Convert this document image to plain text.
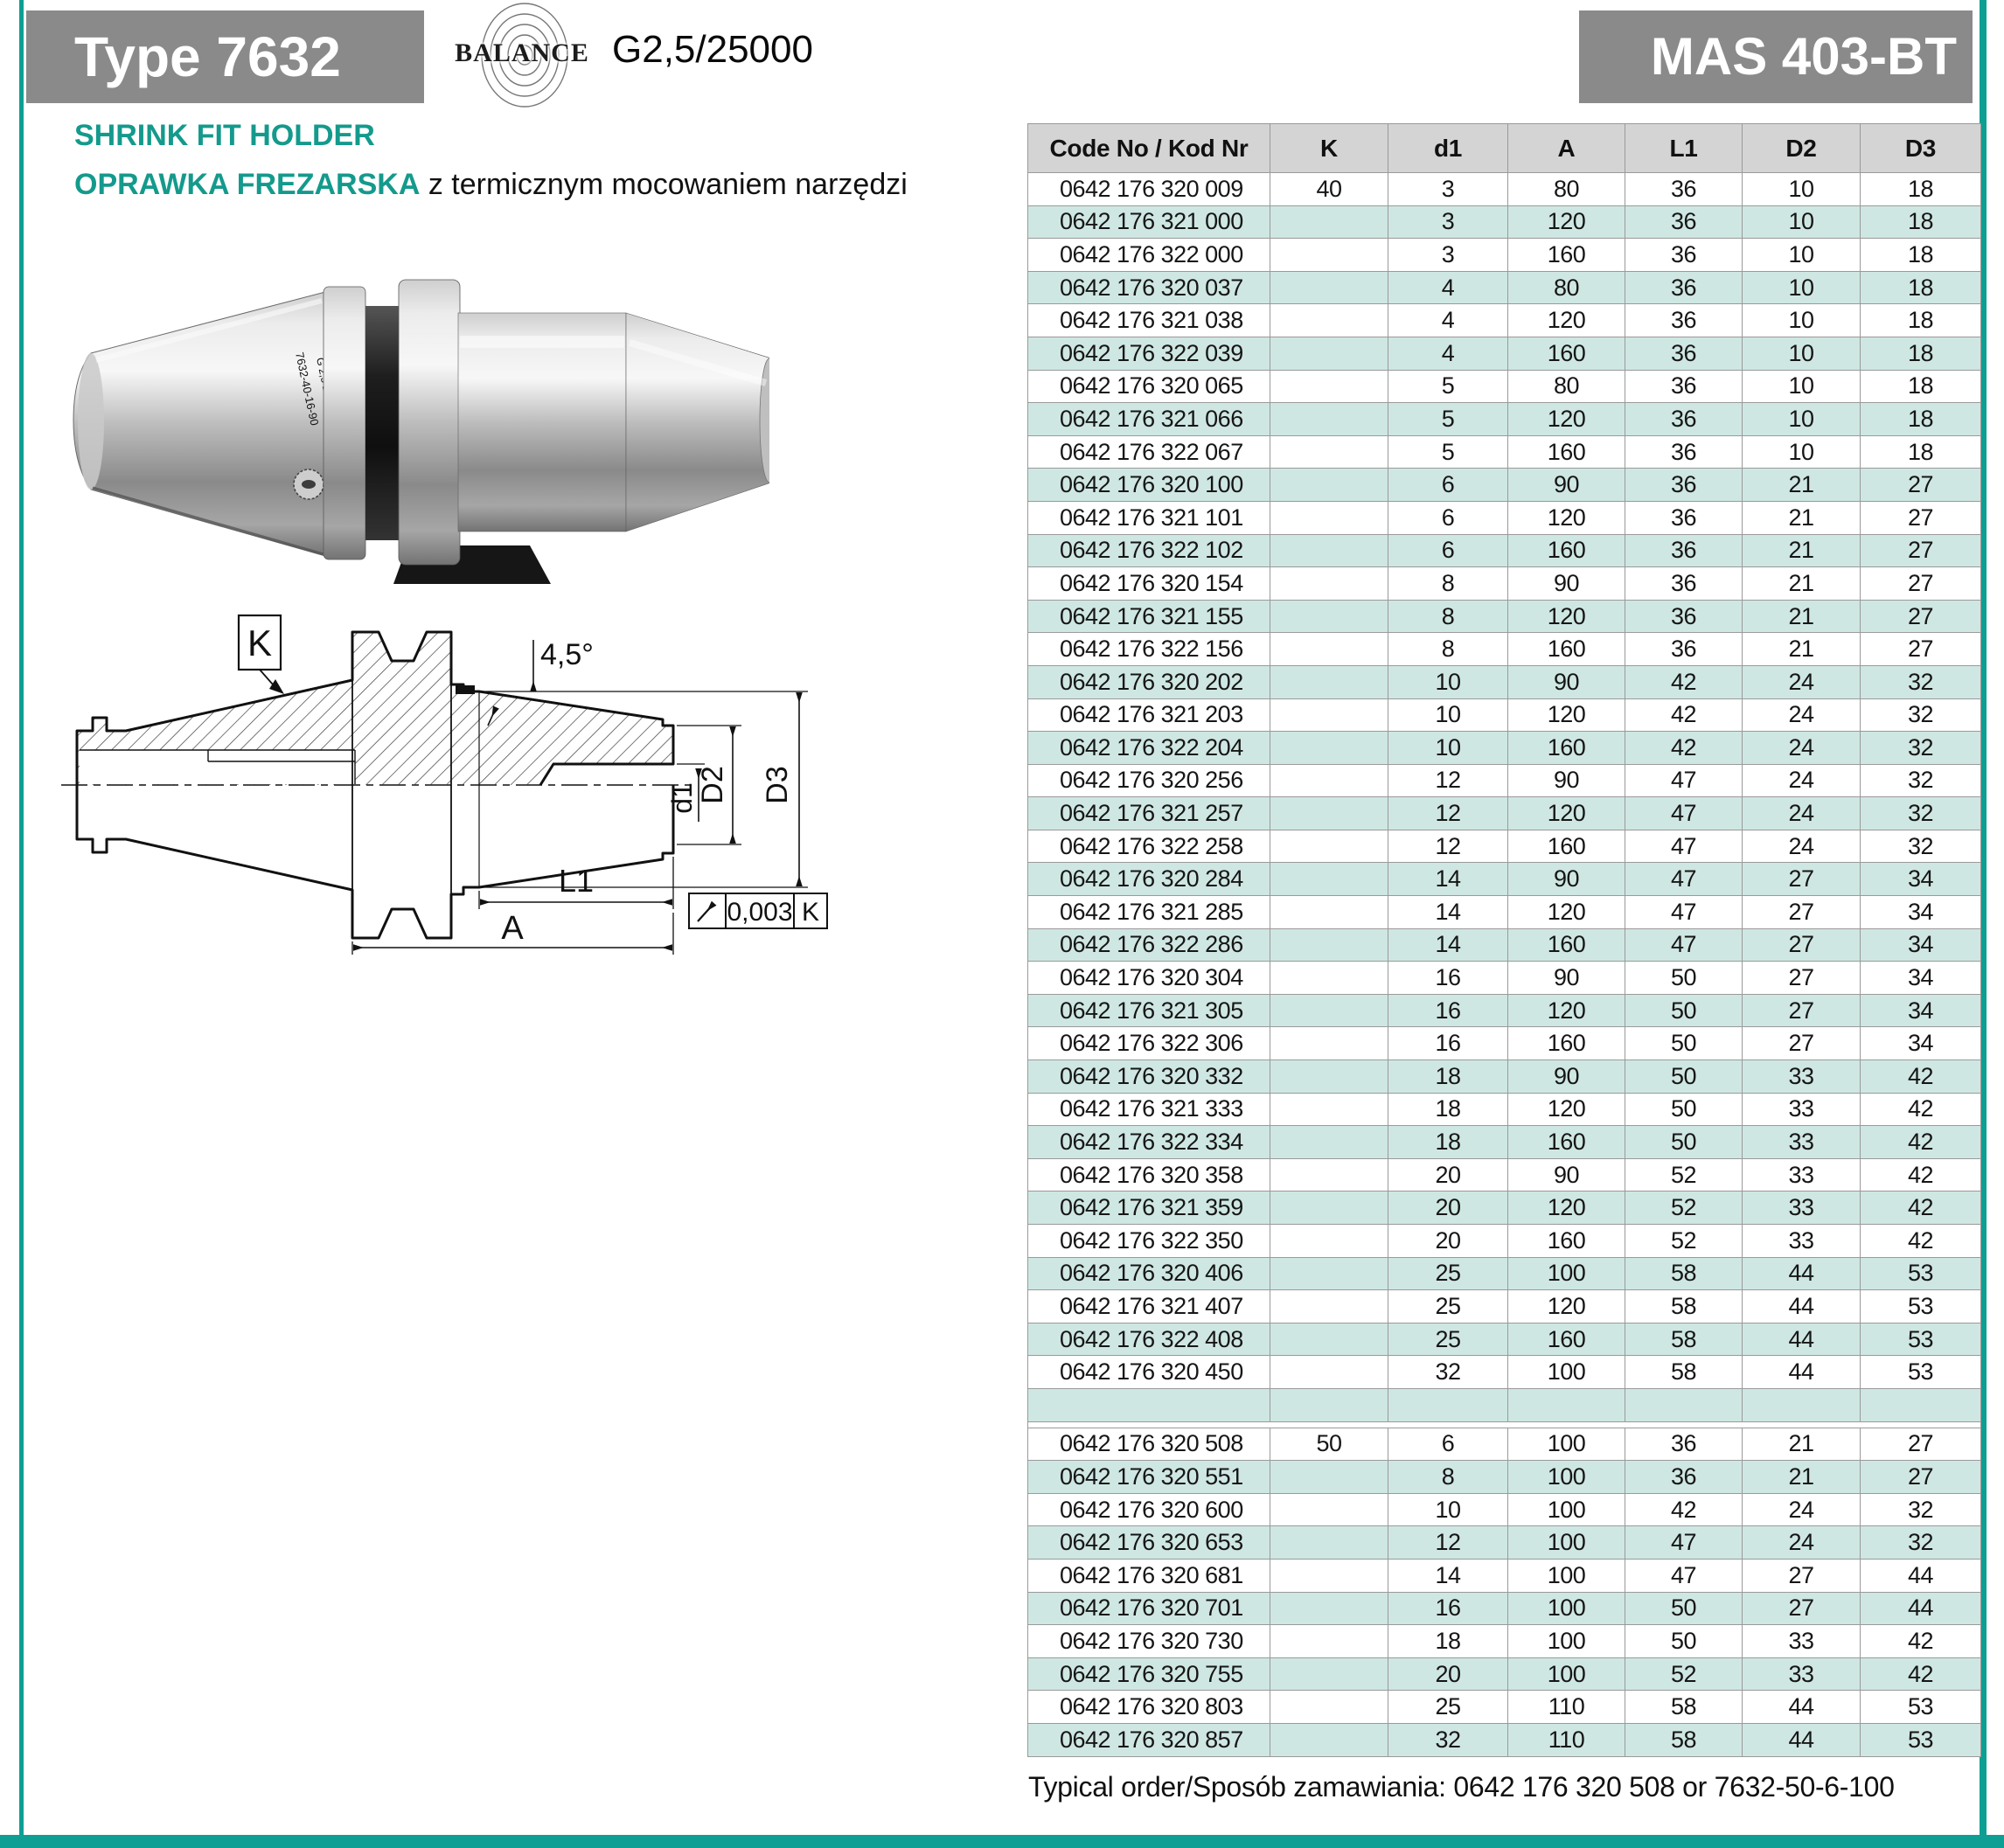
Type 7632	BALANCE G2,5/25000	MAS 403-BT
SHRINK FIT HOLDER
OPRAWKA FREZARSKA z termicznym mocowaniem narzędzi
7632-40-16-90
G
K	4,5°
d1
D2 D3
L1
A	0,003 K
Code No / Kod Nr	K	d1	A	L1	D2	D3
0642 176 320 009	40	3	80	36	10	18
0642 176 321 000		3	120	36	10	18
0642 176 322 000		3	160	36	10	18
0642 176 320 037		4	80	36	10	18
0642 176 321 038		4	120	36	10	18
0642 176 322 039		4	160	36	10	18
0642 176 320 065		5	80	36	10	18
0642 176 321 066		5	120	36	10	18
0642 176 322 067		5	160	36	10	18
0642 176 320 100		6	90	36	21	27
0642 176 321 101		6	120	36	21	27
0642 176 322 102		6	160	36	21	27
0642 176 320 154		8	90	36	21	27
0642 176 321 155		8	120	36	21	27
0642 176 322 156		8	160	36	21	27
0642 176 320 202		10	90	42	24	32
0642 176 321 203		10	120	42	24	32
0642 176 322 204		10	160	42	24	32
0642 176 320 256		12	90	47	24	32
0642 176 321 257		12	120	47	24	32
0642 176 322 258		12	160	47	24	32
0642 176 320 284		14	90	47	27	34
0642 176 321 285		14	120	47	27	34
0642 176 322 286		14	160	47	27	34
0642 176 320 304		16	90	50	27	34
0642 176 321 305		16	120	50	27	34
0642 176 322 306		16	160	50	27	34
0642 176 320 332		18	90	50	33	42
0642 176 321 333		18	120	50	33	42
0642 176 322 334		18	160	50	33	42
0642 176 320 358		20	90	52	33	42
0642 176 321 359		20	120	52	33	42
0642 176 322 350		20	160	52	33	42
0642 176 320 406		25	100	58	44	53
0642 176 321 407		25	120	58	44	53
0642 176 322 408		25	160	58	44	53
0642 176 320 450		32	100	58	44	53

0642 176 320 508	50	6	100	36	21	27
0642 176 320 551		8	100	36	21	27
0642 176 320 600		10	100	42	24	32
0642 176 320 653		12	100	47	24	32
0642 176 320 681		14	100	47	27	44
0642 176 320 701		16	100	50	27	44
0642 176 320 730		18	100	50	33	42
0642 176 320 755		20	100	52	33	42
0642 176 320 803		25	110	58	44	53
0642 176 320 857		32	110	58	44	53
Typical order/Sposób zamawiania: 0642 176 320 508 or 7632-50-6-100
